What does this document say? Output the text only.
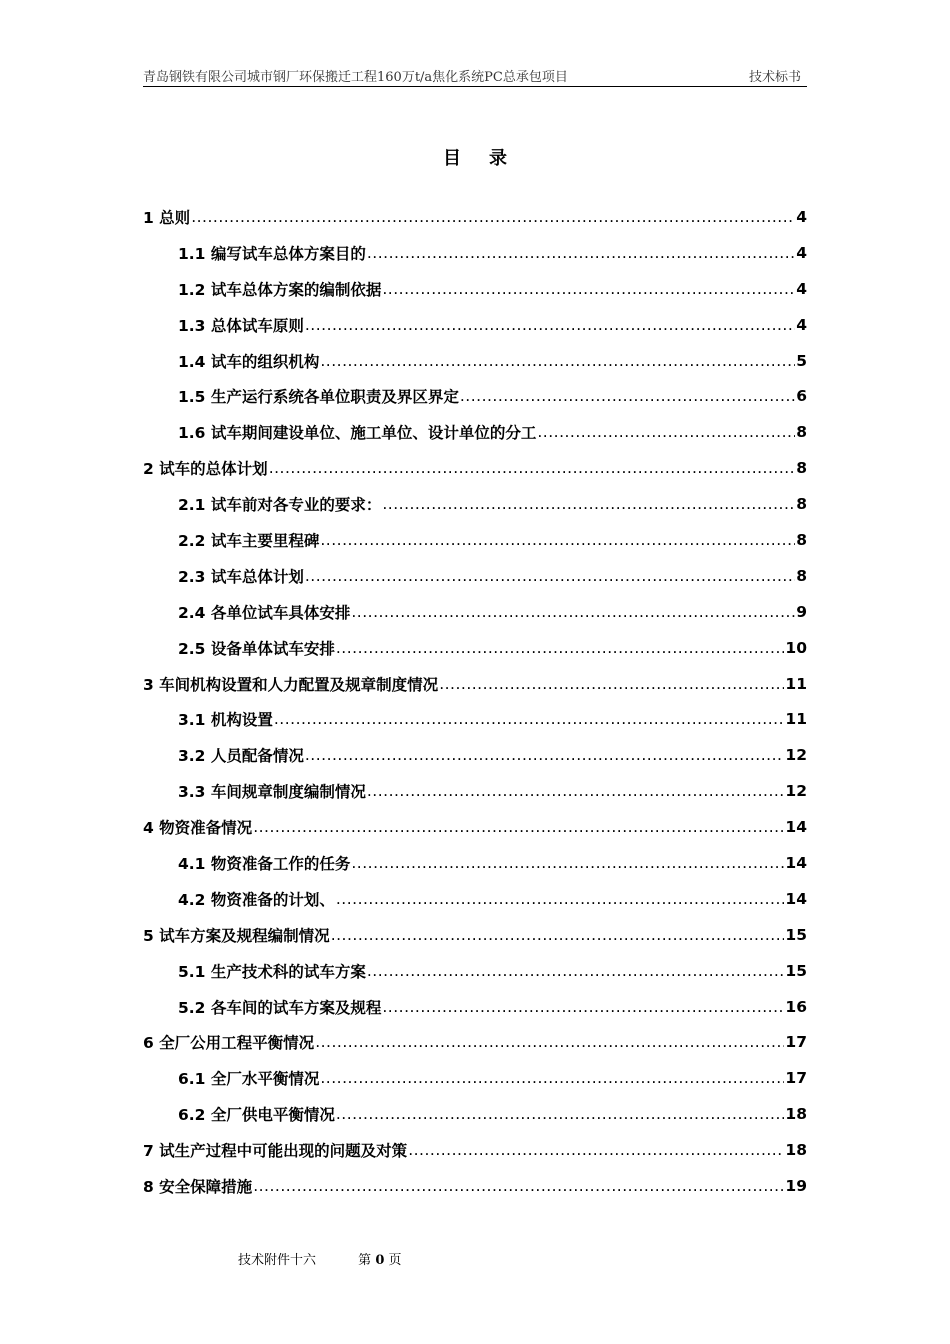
青岛钢铁有限公司城市钢厂环保搬迁工程160万t/a焦化系统PC总承包项目	技术标书
目录
1 总则 .....	4
1.1 编写试车总体方案目的 .....	4
1.2 试车总体方案的编制依据 .....	4
1.3 总体试车原则 .....	4
1.4 试车的组织机构 .....	5
1.5 生产运行系统各单位职责及界区界定 .....	6
1.6 试车期间建设单位、施工单位、设计单位的分工 .....	8
2 试车的总体计划 .....	8
2.1 试车前对各专业的要求： .....	8
2.2 试车主要里程碑 .....	8
2.3 试车总体计划 .....	8
2.4 各单位试车具体安排 .....	9
2.5 设备单体试车安排 .....	10
3 车间机构设置和人力配置及规章制度情况 .....	11
3.1 机构设置 .....	11
3.2 人员配备情况 .....	12
3.3 车间规章制度编制情况 .....	12
4 物资准备情况 .....	14
4.1 物资准备工作的任务 .....	14
4.2 物资准备的计划、 .....	14
5 试车方案及规程编制情况 .....	15
5.1 生产技术科的试车方案 .....	15
5.2 各车间的试车方案及规程 .....	16
6 全厂公用工程平衡情况 .....	17
6.1 全厂水平衡情况 .....	17
6.2 全厂供电平衡情况 .....	18
7 试生产过程中可能出现的问题及对策 .....	18
8 安全保障措施 .....	19
技术附件十六	第 0 页
